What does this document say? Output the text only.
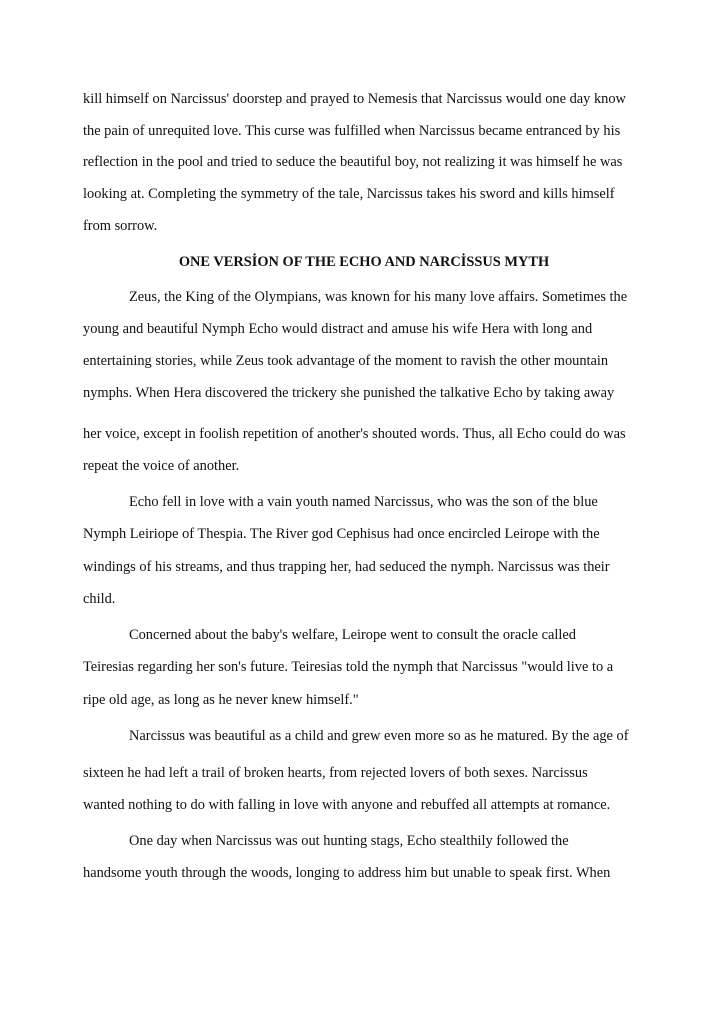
kill himself on Narcissus' doorstep and prayed to Nemesis that Narcissus would one day know
the pain of unrequited love. This curse was fulfilled when Narcissus became entranced by his
reflection in the pool and tried to seduce the beautiful boy, not realizing it was himself he was
looking at. Completing the symmetry of the tale, Narcissus takes his sword and kills himself
from sorrow.
ONE VERSİON OF THE ECHO AND NARCİSSUS MYTH
Zeus, the King of the Olympians, was known for his many love affairs. Sometimes the
young and beautiful Nymph Echo would distract and amuse his wife Hera with long and
entertaining stories, while Zeus took advantage of the moment to ravish the other mountain
nymphs. When Hera discovered the trickery she punished the talkative Echo by taking away
her voice, except in foolish repetition of another's shouted words. Thus, all Echo could do was
repeat the voice of another.
Echo fell in love with a vain youth named Narcissus, who was the son of the blue
Nymph Leiriope of Thespia. The River god Cephisus had once encircled Leirope with the
windings of his streams, and thus trapping her, had seduced the nymph. Narcissus was their
child.
Concerned about the baby's welfare, Leirope went to consult the oracle called
Teiresias regarding her son's future. Teiresias told the nymph that Narcissus "would live to a
ripe old age, as long as he never knew himself."
Narcissus was beautiful as a child and grew even more so as he matured. By the age of
sixteen he had left a trail of broken hearts, from rejected lovers of both sexes. Narcissus
wanted nothing to do with falling in love with anyone and rebuffed all attempts at romance.
One day when Narcissus was out hunting stags, Echo stealthily followed the
handsome youth through the woods, longing to address him but unable to speak first. When
